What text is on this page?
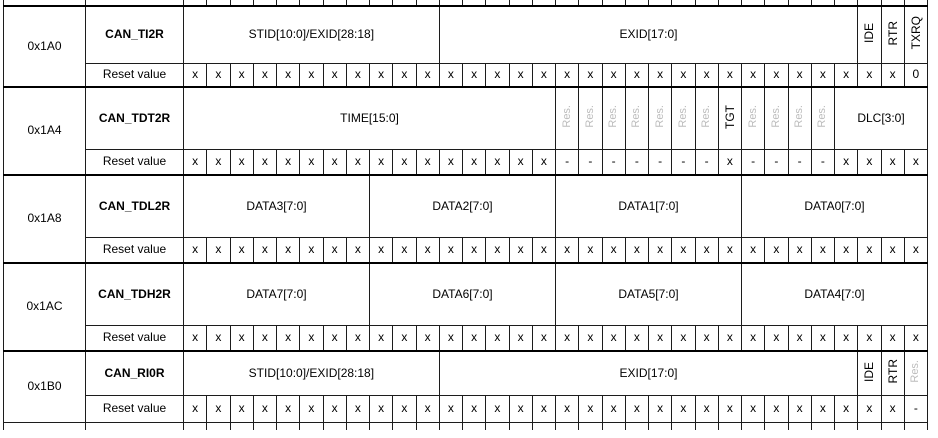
0x1A0	CAN_TI2R	STID[10:0]/EXID[28:18]											EXID[17:0]																		IDE	RTR	TXRQ
	Reset value	x	x	x	x	x	x	x	x	x	x	x	x	x	x	x	x	x	x	x	x	x	x	x	x	x	x	x	x	x	x	x	0
0x1A4	CAN_TDT2R	TIME[15:0]																Res.	Res.	Res.	Res.	Res.	Res.	Res.	TGT	Res.	Res.	Res.	Res.	DLC[3:0]			
	Reset value	x	x	x	x	x	x	x	x	x	x	x	x	x	x	x	x	-	-	-	-	-	-	-	x	-	-	-	-	x	x	x	x
0x1A8	CAN_TDL2R	DATA3[7:0]								DATA2[7:0]								DATA1[7:0]								DATA0[7:0]							
	Reset value	x	x	x	x	x	x	x	x	x	x	x	x	x	x	x	x	x	x	x	x	x	x	x	x	x	x	x	x	x	x	x	x
0x1AC	CAN_TDH2R	DATA7[7:0]								DATA6[7:0]								DATA5[7:0]								DATA4[7:0]							
	Reset value	x	x	x	x	x	x	x	x	x	x	x	x	x	x	x	x	x	x	x	x	x	x	x	x	x	x	x	x	x	x	x	x
0x1B0	CAN_RI0R	STID[10:0]/EXID[28:18]											EXID[17:0]																		IDE	RTR	Res.
	Reset value	x	x	x	x	x	x	x	x	x	x	x	x	x	x	x	x	x	x	x	x	x	x	x	x	x	x	x	x	x	x	x	-
